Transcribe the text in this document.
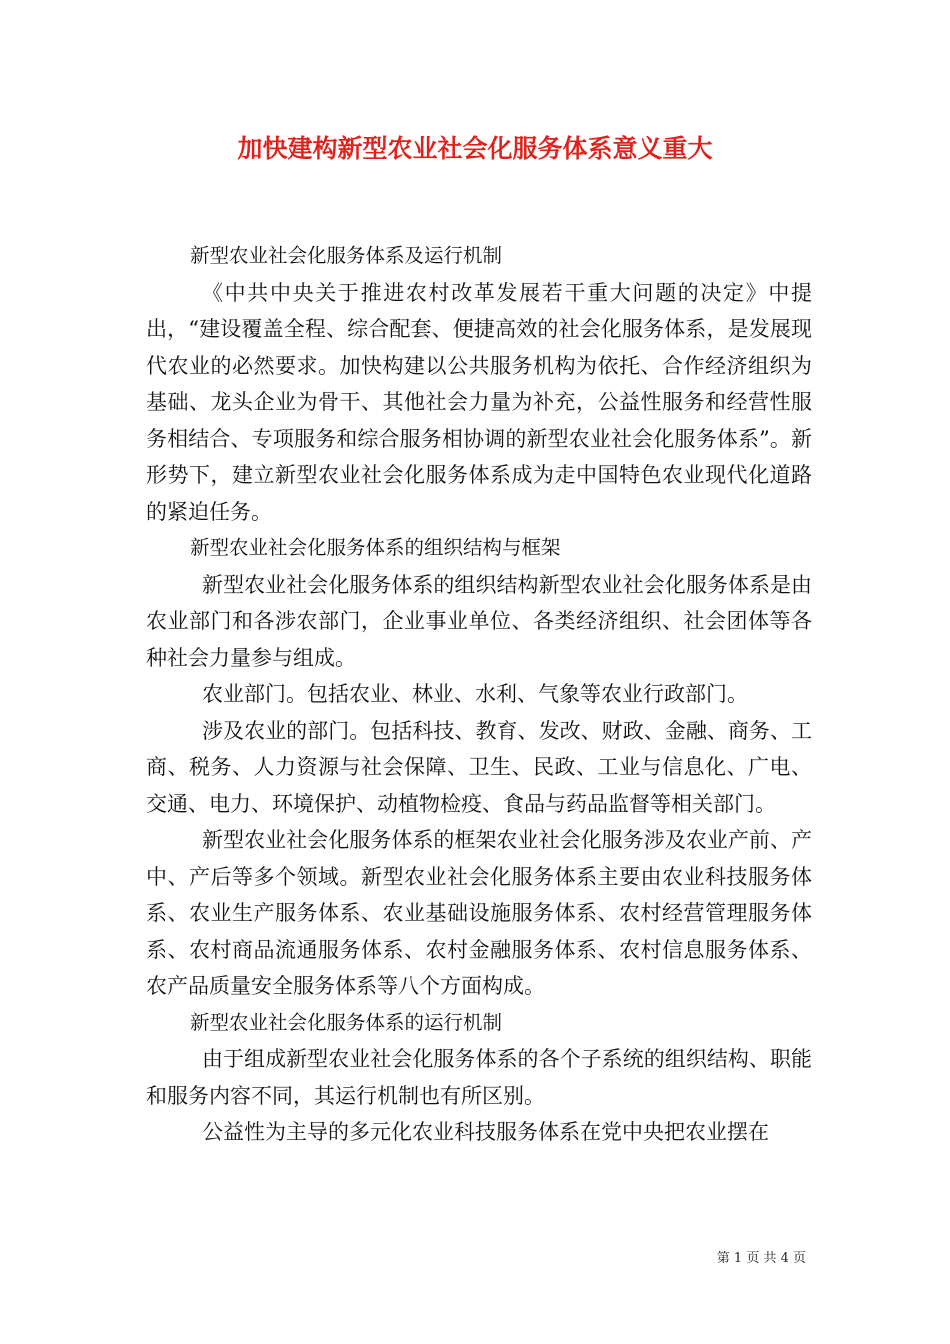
加快建构新型农业社会化服务体系意义重大

新型农业社会化服务体系及运行机制

《中共中央关于推进农村改革发展若干重大问题的决定》中提出，“建设覆盖全程、综合配套、便捷高效的社会化服务体系，是发展现代农业的必然要求。加快构建以公共服务机构为依托、合作经济组织为基础、龙头企业为骨干、其他社会力量为补充，公益性服务和经营性服务相结合、专项服务和综合服务相协调的新型农业社会化服务体系”。新形势下，建立新型农业社会化服务体系成为走中国特色农业现代化道路的紧迫任务。

新型农业社会化服务体系的组织结构与框架

新型农业社会化服务体系的组织结构新型农业社会化服务体系是由农业部门和各涉农部门，企业事业单位、各类经济组织、社会团体等各种社会力量参与组成。

农业部门。包括农业、林业、水利、气象等农业行政部门。

涉及农业的部门。包括科技、教育、发改、财政、金融、商务、工商、税务、人力资源与社会保障、卫生、民政、工业与信息化、广电、交通、电力、环境保护、动植物检疫、食品与药品监督等相关部门。

新型农业社会化服务体系的框架农业社会化服务涉及农业产前、产中、产后等多个领域。新型农业社会化服务体系主要由农业科技服务体系、农业生产服务体系、农业基础设施服务体系、农村经营管理服务体系、农村商品流通服务体系、农村金融服务体系、农村信息服务体系、农产品质量安全服务体系等八个方面构成。

新型农业社会化服务体系的运行机制

由于组成新型农业社会化服务体系的各个子系统的组织结构、职能和服务内容不同，其运行机制也有所区别。

公益性为主导的多元化农业科技服务体系在党中央把农业摆在

第 1 页 共 4 页
